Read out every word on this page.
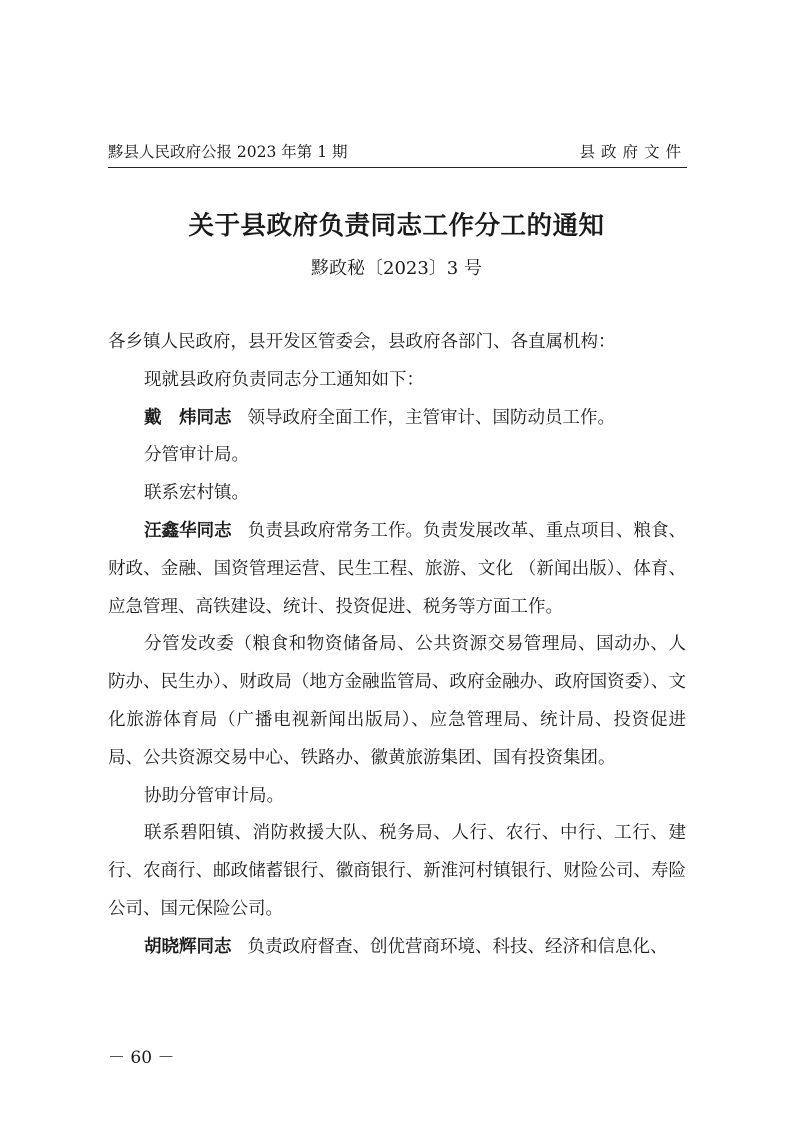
黟县人民政府公报 2023 年第 1 期	县政府文件
关于县政府负责同志工作分工的通知
黟政秘〔2023〕3 号

各乡镇人民政府，县开发区管委会，县政府各部门、各直属机构：

现就县政府负责同志分工通知如下：

戴　炜同志 领导政府全面工作，主管审计、国防动员工作。

分管审计局。

联系宏村镇。

汪鑫华同志 负责县政府常务工作。负责发展改革、重点项目、粮食、财政、金融、国资管理运营、民生工程、旅游、文化 （新闻出版）、体育、应急管理、高铁建设、统计、投资促进、税务等方面工作。

分管发改委（粮食和物资储备局、公共资源交易管理局、国动办、人防办、民生办）、财政局（地方金融监管局、政府金融办、政府国资委）、文化旅游体育局（广播电视新闻出版局）、应急管理局、统计局、投资促进局、公共资源交易中心、铁路办、徽黄旅游集团、国有投资集团。

协助分管审计局。

联系碧阳镇、消防救援大队、税务局、人行、农行、中行、工行、建行、农商行、邮政储蓄银行、徽商银行、新淮河村镇银行、财险公司、寿险公司、国元保险公司。

胡晓辉同志 负责政府督查、创优营商环境、科技、经济和信息化、

－ 60 －
